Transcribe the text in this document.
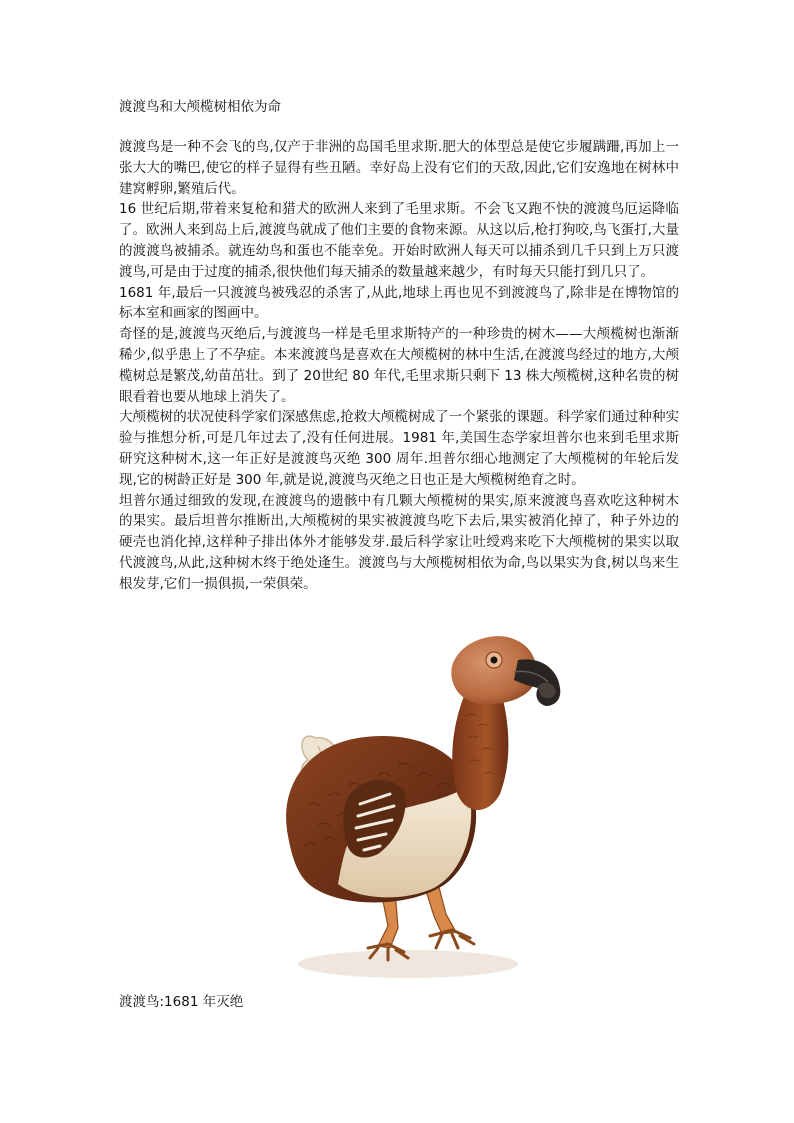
渡渡鸟和大颅榄树相依为命

渡渡鸟是一种不会飞的鸟,仅产于非洲的岛国毛里求斯.肥大的体型总是使它步履蹒跚,再加上一张大大的嘴巴,使它的样子显得有些丑陋。幸好岛上没有它们的天敌,因此,它们安逸地在树林中建窝孵卵,繁殖后代。

16 世纪后期,带着来复枪和猎犬的欧洲人来到了毛里求斯。不会飞又跑不快的渡渡鸟厄运降临了。欧洲人来到岛上后,渡渡鸟就成了他们主要的食物来源。从这以后,枪打狗咬,鸟飞蛋打,大量的渡渡鸟被捕杀。就连幼鸟和蛋也不能幸免。开始时欧洲人每天可以捕杀到几千只到上万只渡渡鸟,可是由于过度的捕杀,很快他们每天捕杀的数量越来越少，有时每天只能打到几只了。

1681 年,最后一只渡渡鸟被残忍的杀害了,从此,地球上再也见不到渡渡鸟了,除非是在博物馆的标本室和画家的图画中。

奇怪的是,渡渡鸟灭绝后,与渡渡鸟一样是毛里求斯特产的一种珍贵的树木——大颅榄树也渐渐稀少,似乎患上了不孕症。本来渡渡鸟是喜欢在大颅榄树的林中生活,在渡渡鸟经过的地方,大颅榄树总是繁茂,幼苗茁壮。到了 20世纪 80 年代,毛里求斯只剩下 13 株大颅榄树,这种名贵的树眼看着也要从地球上消失了。

大颅榄树的状况使科学家们深感焦虑,抢救大颅榄树成了一个紧张的课题。科学家们通过种种实验与推想分析,可是几年过去了,没有任何进展。1981 年,美国生态学家坦普尔也来到毛里求斯研究这种树木,这一年正好是渡渡鸟灭绝 300 周年.坦普尔细心地测定了大颅榄树的年轮后发现,它的树龄正好是 300 年,就是说,渡渡鸟灭绝之日也正是大颅榄树绝育之时。

坦普尔通过细致的发现,在渡渡鸟的遗骸中有几颗大颅榄树的果实,原来渡渡鸟喜欢吃这种树木的果实。最后坦普尔推断出,大颅榄树的果实被渡渡鸟吃下去后,果实被消化掉了，种子外边的硬壳也消化掉,这样种子排出体外才能够发芽.最后科学家让吐绶鸡来吃下大颅榄树的果实以取代渡渡鸟,从此,这种树木终于绝处逢生。渡渡鸟与大颅榄树相依为命,鸟以果实为食,树以鸟来生根发芽,它们一损俱损,一荣俱荣。

渡渡鸟:1681 年灭绝
